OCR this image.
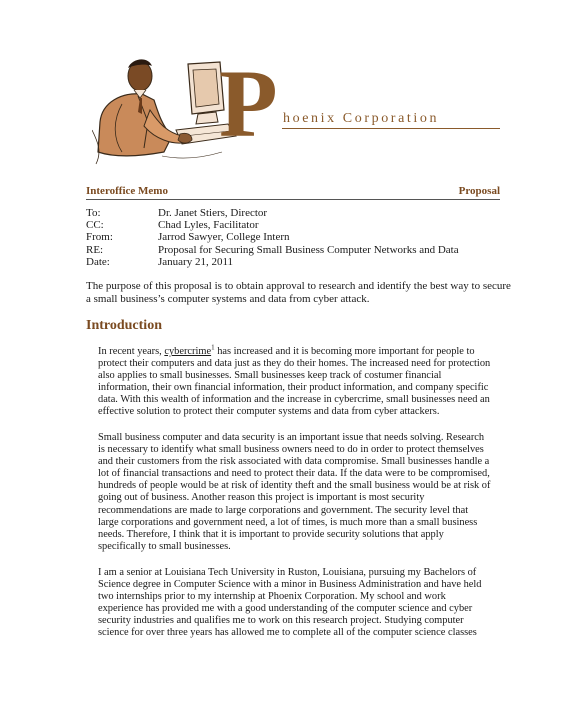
P hoenix Corporation
Interoffice Memo	Proposal
To:	Dr. Janet Stiers, Director
CC:	Chad Lyles, Facilitator
From:	Jarrod Sawyer, College Intern
RE:	Proposal for Securing Small Business Computer Networks and Data
Date:	January 21, 2011
The purpose of this proposal is to obtain approval to research and identify the best way to secure
a small business’s computer systems and data from cyber attack.
Introduction
In recent years, cybercrime$^1$ has increased and it is becoming more important for people to
protect their computers and data just as they do their homes. The increased need for protection
also applies to small businesses. Small businesses keep track of costumer financial
information, their own financial information, their product information, and company specific
data. With this wealth of information and the increase in cybercrime, small businesses need an
effective solution to protect their computer systems and data from cyber attackers.
Small business computer and data security is an important issue that needs solving. Research
is necessary to identify what small business owners need to do in order to protect themselves
and their customers from the risk associated with data compromise. Small businesses handle a
lot of financial transactions and need to protect their data. If the data were to be compromised,
hundreds of people would be at risk of identity theft and the small business would be at risk of
going out of business. Another reason this project is important is most security
recommendations are made to large corporations and government. The security level that
large corporations and government need, a lot of times, is much more than a small business
needs. Therefore, I think that it is important to provide security solutions that apply
specifically to small businesses.
I am a senior at Louisiana Tech University in Ruston, Louisiana, pursuing my Bachelors of
Science degree in Computer Science with a minor in Business Administration and have held
two internships prior to my internship at Phoenix Corporation. My school and work
experience has provided me with a good understanding of the computer science and cyber
security industries and qualifies me to work on this research project. Studying computer
science for over three years has allowed me to complete all of the computer science classes
